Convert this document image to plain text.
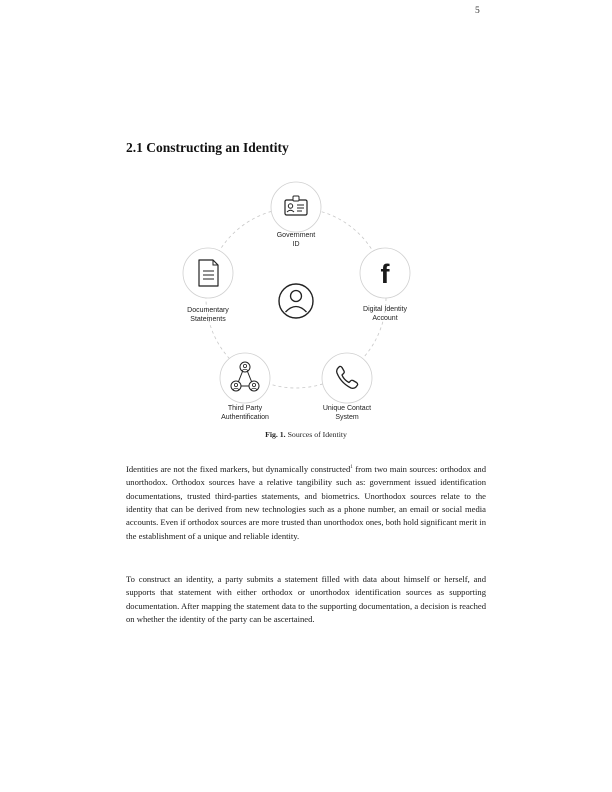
5
2.1 Constructing an Identity
f
Government
ID
Digital Identity
Account
Unique Contact
System
Third Party
Authentification
Documentary
Statements
Fig. 1. Sources of Identity

Identities are not the fixed markers, but dynamically constructed$^1$ from two main sources: orthodox and unorthodox. Orthodox sources have a relative tangibility such as: government issued identification documentations, trusted third-parties statements, and biometrics. Unorthodox sources relate to the identity that can be derived from new technologies such as a phone number, an email or social media accounts. Even if orthodox sources are more trusted than unorthodox ones, both hold significant merit in the establishment of a unique and reliable identity.

To construct an identity, a party submits a statement filled with data about himself or herself, and supports that statement with either orthodox or unorthodox identification sources as supporting documentation. After mapping the statement data to the supporting documentation, a decision is reached on whether the identity of the party can be ascertained.
